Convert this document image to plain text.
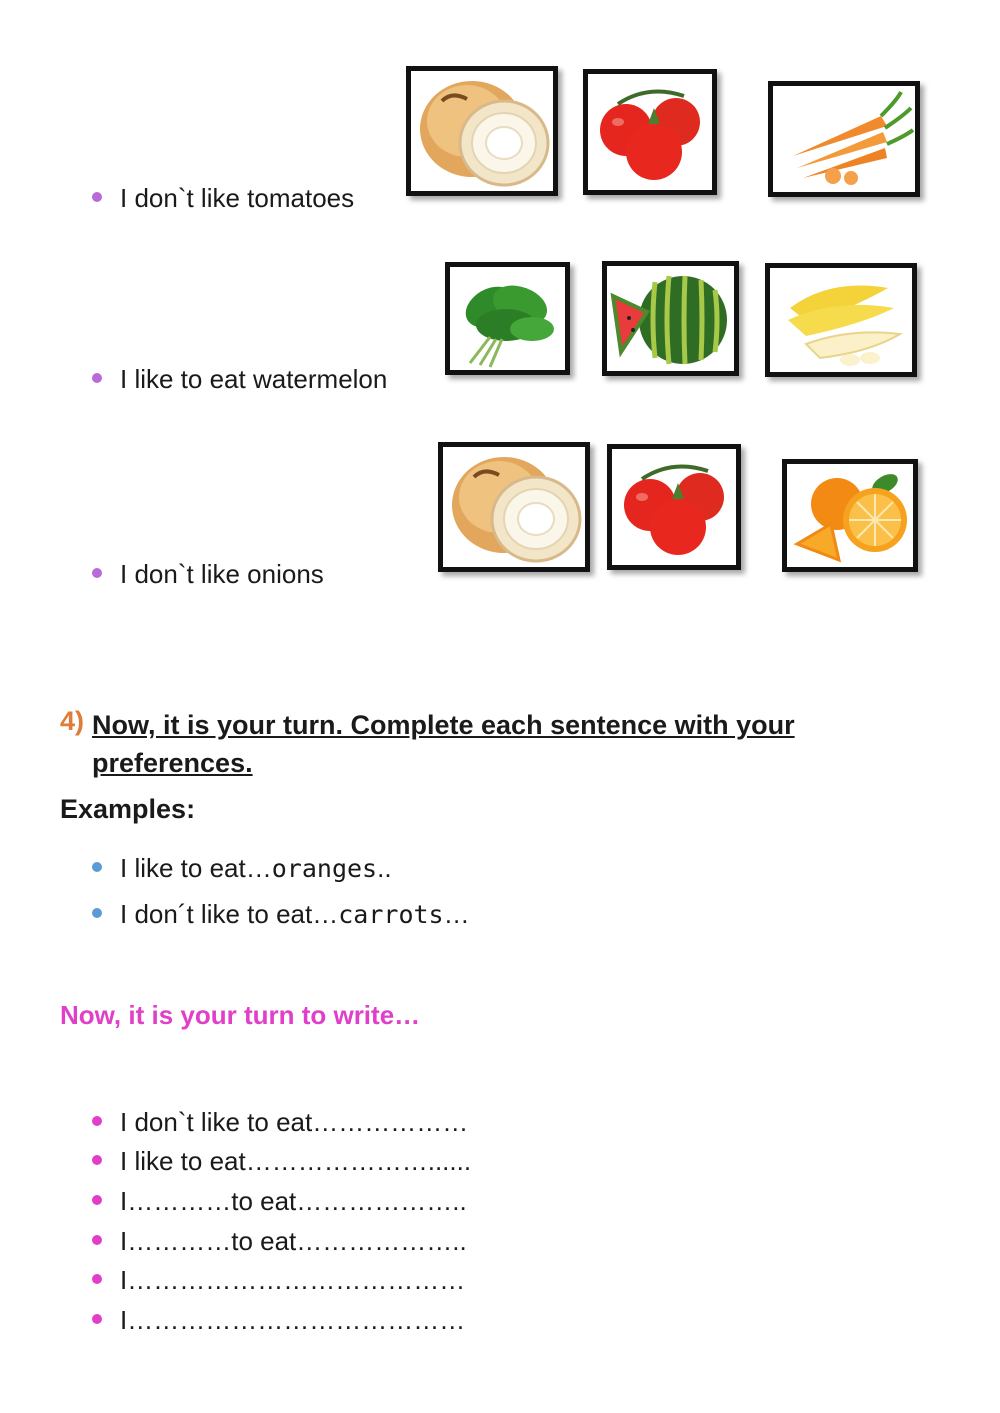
I don`t like tomatoes
I like to eat watermelon
I don`t like onions
4) Now, it is your turn. Complete each sentence with your preferences.
Examples:
I like to eat…oranges..
I don´t like to eat…carrots…
Now, it is your turn to write…
I don`t like to eat………………
I like to eat…………………......
I…………to eat………………..
I…………to eat………………..
I…………………………………
I…………………………………
